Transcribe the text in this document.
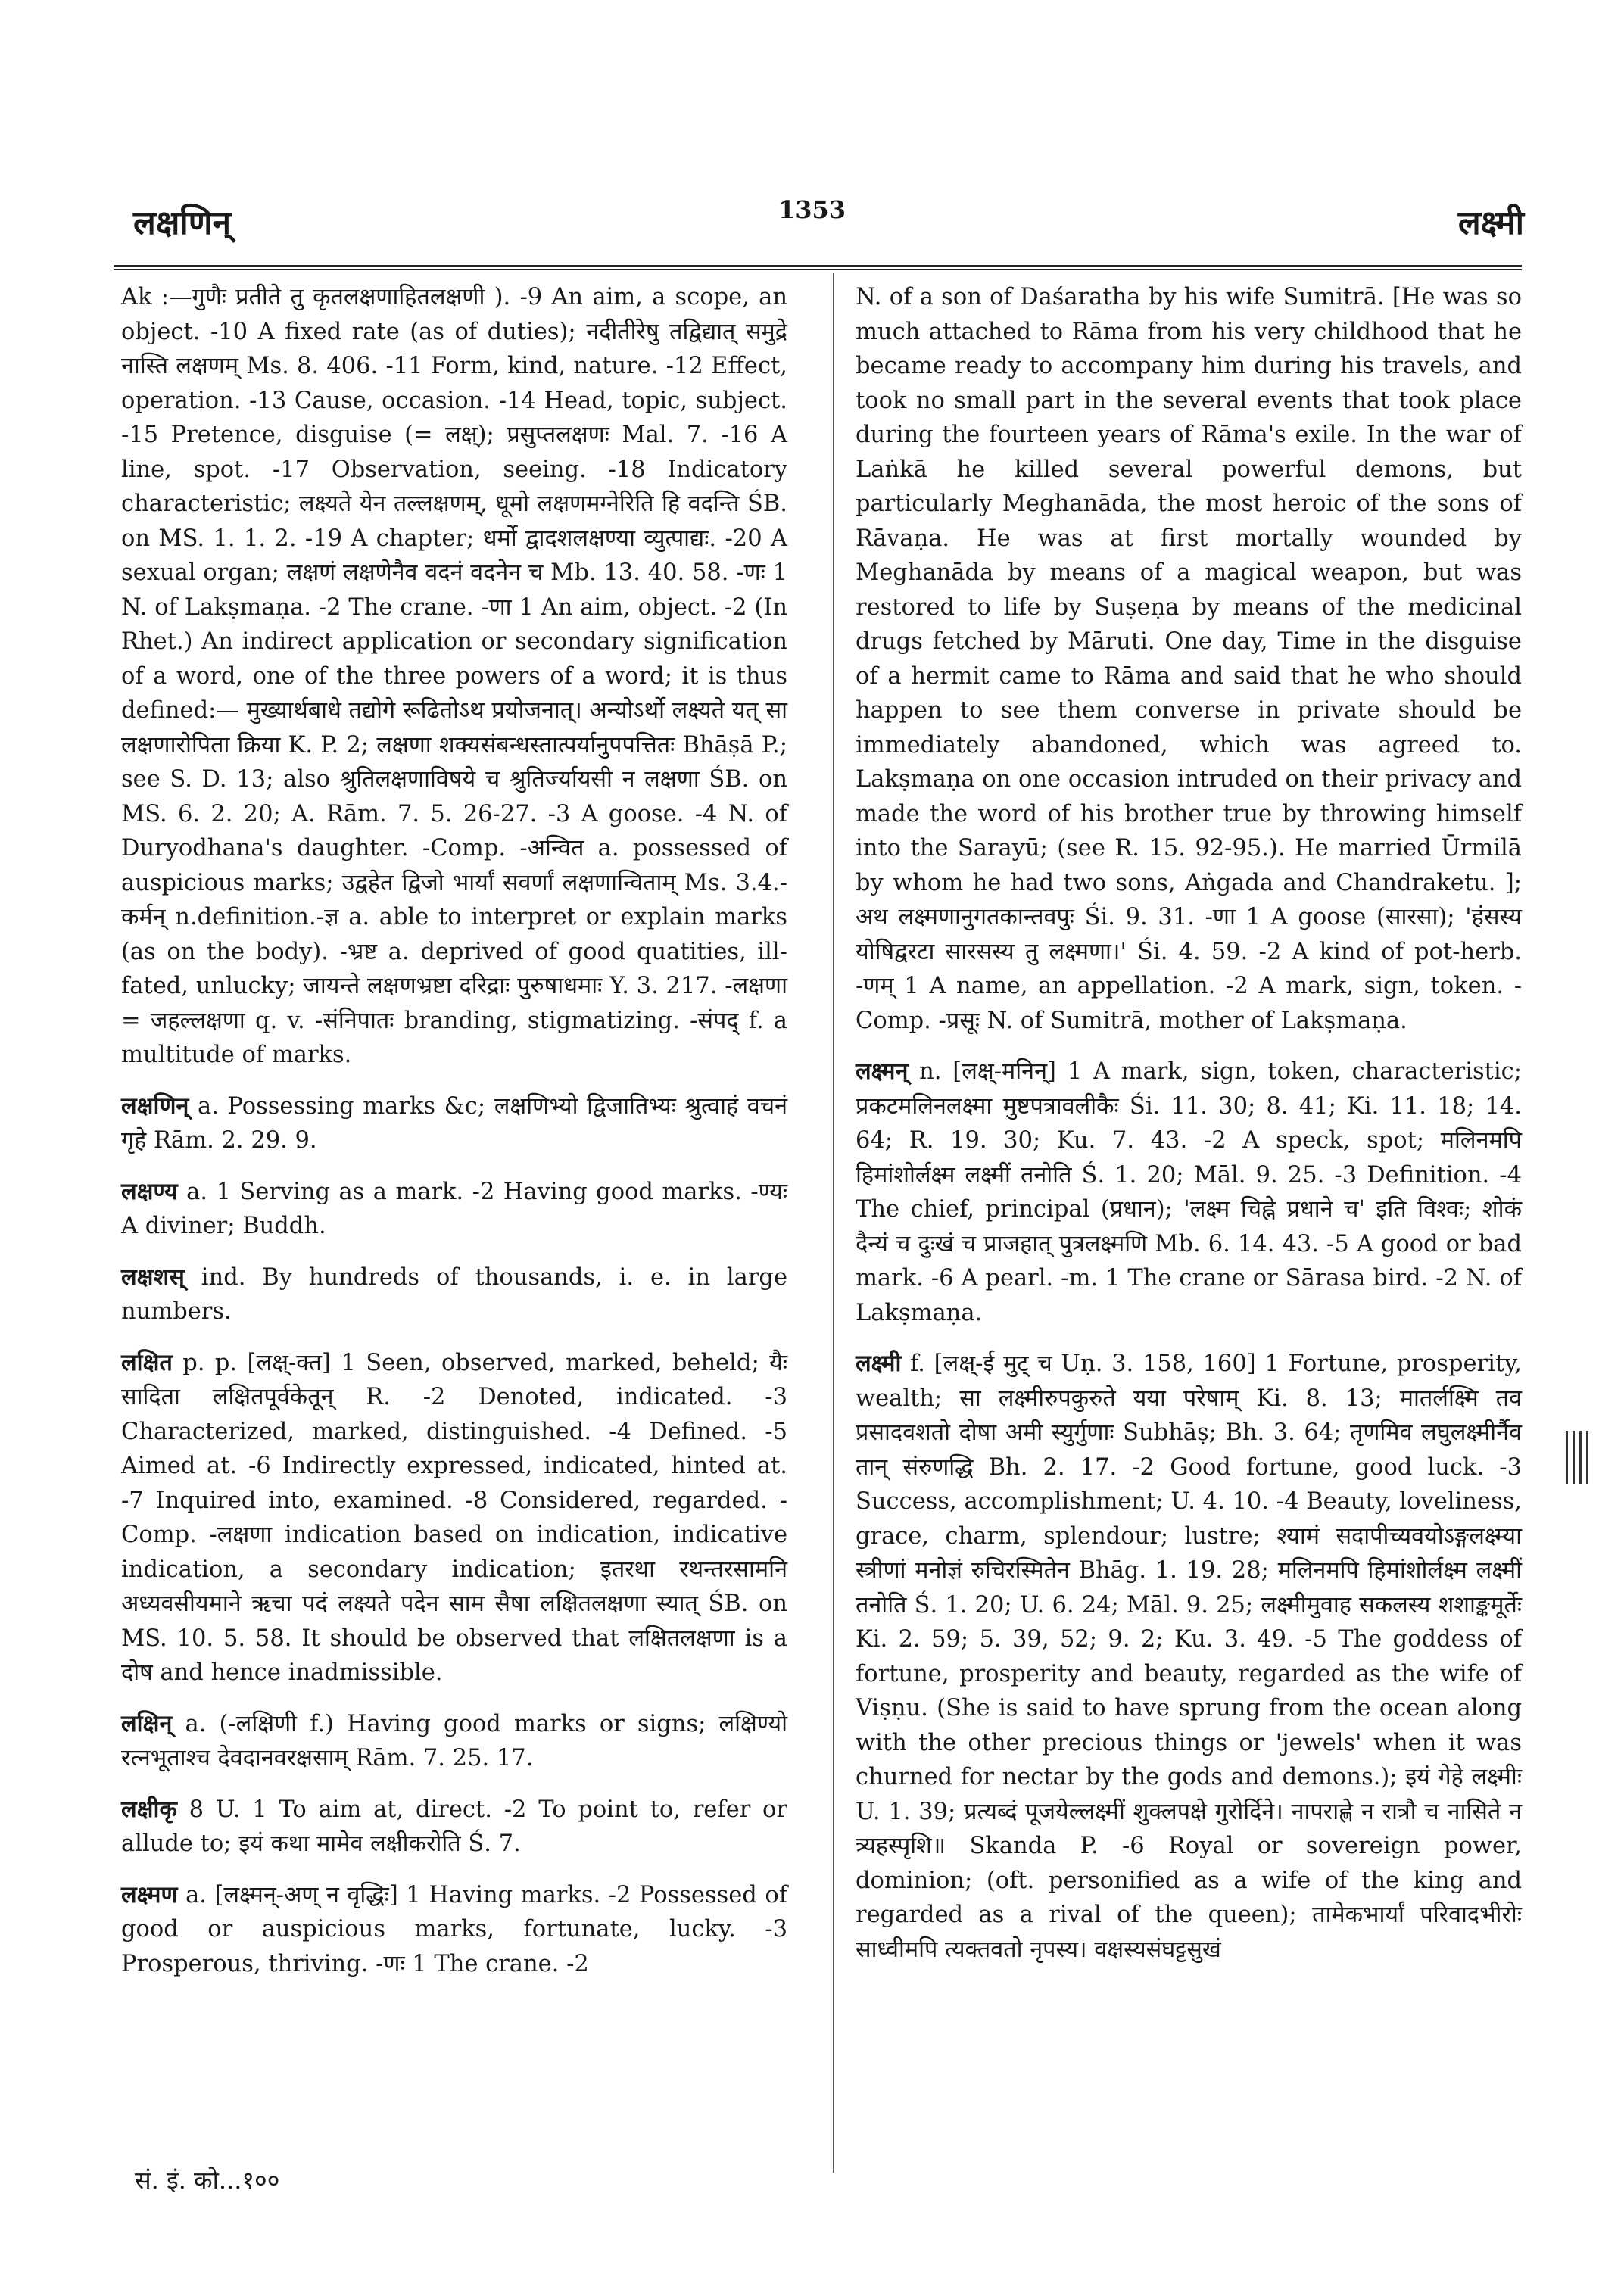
लक्षणिन्	1353	लक्ष्मी

Ak :—गुणैः प्रतीते तु कृतलक्षणाहितलक्षणी ). -9 An aim, a scope, an object. -10 A fixed rate (as of duties); नदीतीरेषु तद्विद्यात् समुद्रे नास्ति लक्षणम् Ms. 8. 406. -11 Form, kind, nature. -12 Effect, operation. -13 Cause, occasion. -14 Head, topic, subject. -15 Pretence, disguise (= लक्ष्); प्रसुप्तलक्षणः Mal. 7. -16 A line, spot. -17 Observation, seeing. -18 Indicatory characteristic; लक्ष्यते येन तल्लक्षणम्, धूमो लक्षणमग्नेरिति हि वदन्ति ŚB. on MS. 1. 1. 2. -19 A chapter; धर्मो द्वादशलक्षण्या व्युत्पाद्यः. -20 A sexual organ; लक्षणं लक्षणेनैव वदनं वदनेन च Mb. 13. 40. 58. -णः 1 N. of Lakṣmaṇa. -2 The crane. -णा 1 An aim, object. -2 (In Rhet.) An indirect application or secondary signification of a word, one of the three powers of a word; it is thus defined:— मुख्यार्थबाधे तद्योगे रूढितोऽथ प्रयोजनात्। अन्योऽर्थो लक्ष्यते यत् सा लक्षणारोपिता क्रिया K. P. 2; लक्षणा शक्यसंबन्धस्तात्पर्यानुपपत्तितः Bhāṣā P.; see S. D. 13; also श्रुतिलक्षणाविषये च श्रुतिर्ज्यायसी न लक्षणा ŚB. on MS. 6. 2. 20; A. Rām. 7. 5. 26-27. -3 A goose. -4 N. of Duryodhana's daughter. -Comp. -अन्वित a. possessed of auspicious marks; उद्वहेत द्विजो भार्यां सवर्णां लक्षणान्विताम् Ms. 3.4.-कर्मन् n.definition.-ज्ञ a. able to interpret or explain marks (as on the body). -भ्रष्ट a. deprived of good quatities, ill-fated, unlucky; जायन्ते लक्षणभ्रष्टा दरिद्राः पुरुषाधमाः Y. 3. 217. -लक्षणा = जहल्लक्षणा q. v. -संनिपातः branding, stigmatizing. -संपद् f. a multitude of marks.

लक्षणिन् a. Possessing marks &c; लक्षणिभ्यो द्विजातिभ्यः श्रुत्वाहं वचनं गृहे Rām. 2. 29. 9.

लक्षण्य a. 1 Serving as a mark. -2 Having good marks. -ण्यः A diviner; Buddh.

लक्षशस् ind. By hundreds of thousands, i. e. in large numbers.

लक्षित p. p. [लक्ष्-क्त] 1 Seen, observed, marked, beheld; यैः सादिता लक्षितपूर्वकेतून् R. -2 Denoted, indicated. -3 Characterized, marked, distinguished. -4 Defined. -5 Aimed at. -6 Indirectly expressed, indicated, hinted at. -7 Inquired into, examined. -8 Considered, regarded. -Comp. -लक्षणा indication based on indication, indicative indication, a secondary indication; इतरथा रथन्तरसामनि अध्यवसीयमाने ऋचा पदं लक्ष्यते पदेन साम सैषा लक्षितलक्षणा स्यात् ŚB. on MS. 10. 5. 58. It should be observed that लक्षितलक्षणा is a दोष and hence inadmissible.

लक्षिन् a. (-लक्षिणी f.) Having good marks or signs; लक्षिण्यो रत्नभूताश्च देवदानवरक्षसाम् Rām. 7. 25. 17.

लक्षीकृ 8 U. 1 To aim at, direct. -2 To point to, refer or allude to; इयं कथा मामेव लक्षीकरोति Ś. 7.

लक्ष्मण a. [लक्ष्मन्-अण् न वृद्धिः] 1 Having marks. -2 Possessed of good or auspicious marks, fortunate, lucky. -3 Prosperous, thriving. -णः 1 The crane. -2

N. of a son of Daśaratha by his wife Sumitrā. [He was so much attached to Rāma from his very childhood that he became ready to accompany him during his travels, and took no small part in the several events that took place during the fourteen years of Rāma's exile. In the war of Laṅkā he killed several powerful demons, but particularly Meghanāda, the most heroic of the sons of Rāvaṇa. He was at first mortally wounded by Meghanāda by means of a magical weapon, but was restored to life by Suṣeṇa by means of the medicinal drugs fetched by Māruti. One day, Time in the disguise of a hermit came to Rāma and said that he who should happen to see them converse in private should be immediately abandoned, which was agreed to. Lakṣmaṇa on one occasion intruded on their privacy and made the word of his brother true by throwing himself into the Sarayū; (see R. 15. 92-95.). He married Ūrmilā by whom he had two sons, Aṅgada and Chandraketu. ]; अथ लक्ष्मणानुगतकान्तवपुः Śi. 9. 31. -णा 1 A goose (सारसा); 'हंसस्य योषिद्वरटा सारसस्य तु लक्ष्मणा।' Śi. 4. 59. -2 A kind of pot-herb. -णम् 1 A name, an appellation. -2 A mark, sign, token. -Comp. -प्रसूः N. of Sumitrā, mother of Lakṣmaṇa.

लक्ष्मन् n. [लक्ष्-मनिन्] 1 A mark, sign, token, characteristic; प्रकटमलिनलक्ष्मा मुष्टपत्रावलीकैः Śi. 11. 30; 8. 41; Ki. 11. 18; 14. 64; R. 19. 30; Ku. 7. 43. -2 A speck, spot; मलिनमपि हिमांशोर्लक्ष्म लक्ष्मीं तनोति Ś. 1. 20; Māl. 9. 25. -3 Definition. -4 The chief, principal (प्रधान); 'लक्ष्म चिह्ने प्रधाने च' इति विश्वः; शोकं दैन्यं च दुःखं च प्राजहात् पुत्रलक्ष्मणि Mb. 6. 14. 43. -5 A good or bad mark. -6 A pearl. -m. 1 The crane or Sārasa bird. -2 N. of Lakṣmaṇa.

लक्ष्मी f. [लक्ष्-ई मुट् च Uṇ. 3. 158, 160] 1 Fortune, prosperity, wealth; सा लक्ष्मीरुपकुरुते यया परेषाम् Ki. 8. 13; मातर्लक्ष्मि तव प्रसादवशतो दोषा अमी स्युर्गुणाः Subhāṣ; Bh. 3. 64; तृणमिव लघुलक्ष्मीर्नैव तान् संरुणद्धि Bh. 2. 17. -2 Good fortune, good luck. -3 Success, accomplishment; U. 4. 10. -4 Beauty, loveliness, grace, charm, splendour; lustre; श्यामं सदापीच्यवयोऽङ्गलक्ष्म्या स्त्रीणां मनोज्ञं रुचिरस्मितेन Bhāg. 1. 19. 28; मलिनमपि हिमांशोर्लक्ष्म लक्ष्मीं तनोति Ś. 1. 20; U. 6. 24; Māl. 9. 25; लक्ष्मीमुवाह सकलस्य शशाङ्कमूर्तेः Ki. 2. 59; 5. 39, 52; 9. 2; Ku. 3. 49. -5 The goddess of fortune, prosperity and beauty, regarded as the wife of Viṣṇu. (She is said to have sprung from the ocean along with the other precious things or 'jewels' when it was churned for nectar by the gods and demons.); इयं गेहे लक्ष्मीः U. 1. 39; प्रत्यब्दं पूजयेल्लक्ष्मीं शुक्लपक्षे गुरोर्दिने। नापराह्णे न रात्रौ च नासिते न त्र्यहस्पृशि॥ Skanda P. -6 Royal or sovereign power, dominion; (oft. personified as a wife of the king and regarded as a rival of the queen); तामेकभार्यां परिवादभीरोः साध्वीमपि त्यक्तवतो नृपस्य। वक्षस्यसंघट्टसुखं

सं. इं. को...१००
